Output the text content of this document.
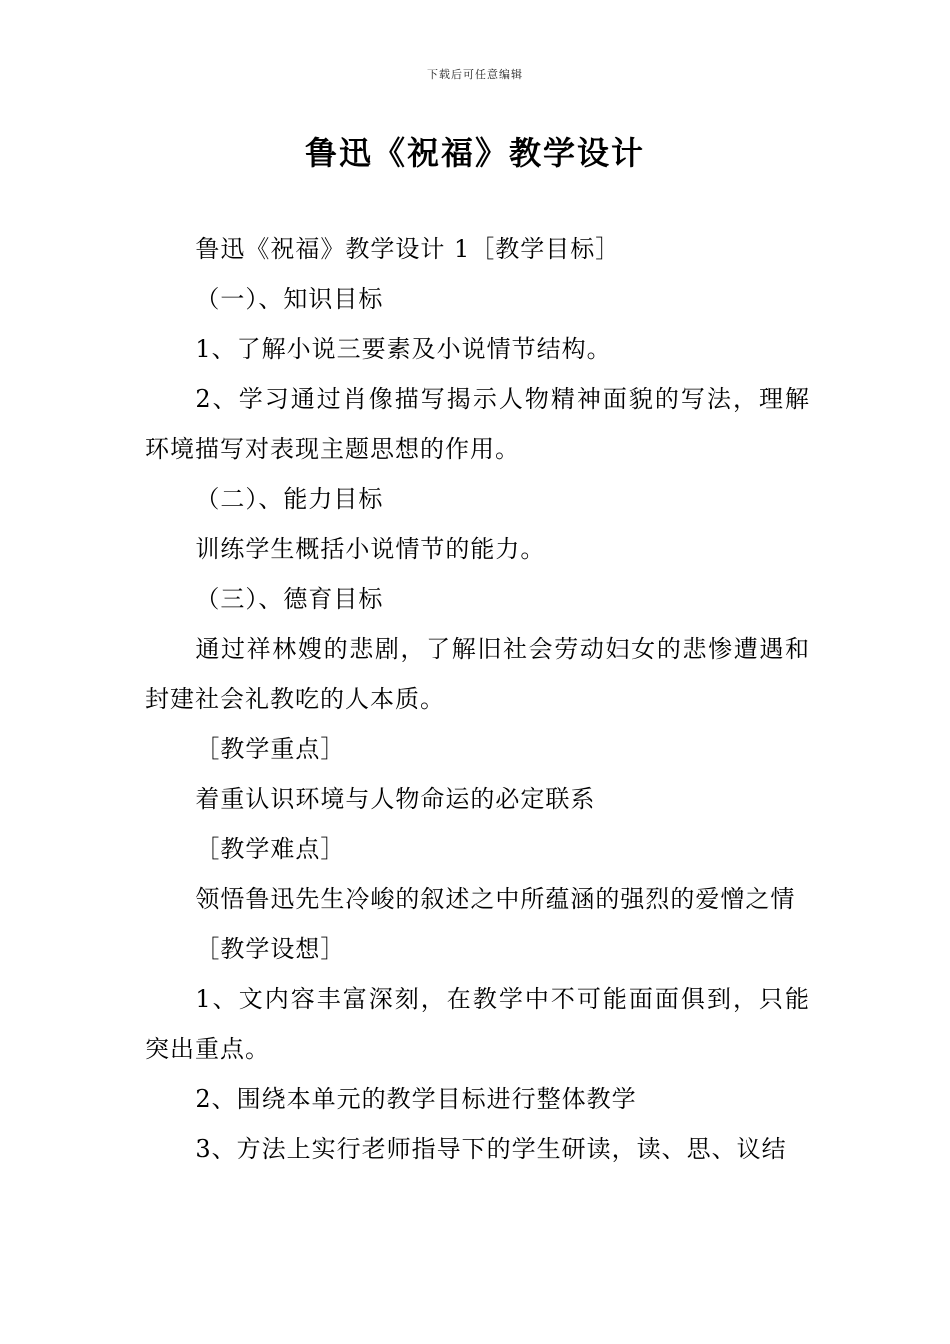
下载后可任意编辑
鲁迅《祝福》教学设计

鲁迅《祝福》教学设计 1［教学目标］

（一）、知识目标

1、了解小说三要素及小说情节结构。

2、学习通过肖像描写揭示人物精神面貌的写法，理解环境描写对表现主题思想的作用。

（二）、能力目标

训练学生概括小说情节的能力。

（三）、德育目标

通过祥林嫂的悲剧，了解旧社会劳动妇女的悲惨遭遇和封建社会礼教吃的人本质。

［教学重点］

着重认识环境与人物命运的必定联系

［教学难点］

领悟鲁迅先生冷峻的叙述之中所蕴涵的强烈的爱憎之情

［教学设想］

1、文内容丰富深刻，在教学中不可能面面俱到，只能突出重点。

2、围绕本单元的教学目标进行整体教学

3、方法上实行老师指导下的学生研读，读、思、议结
